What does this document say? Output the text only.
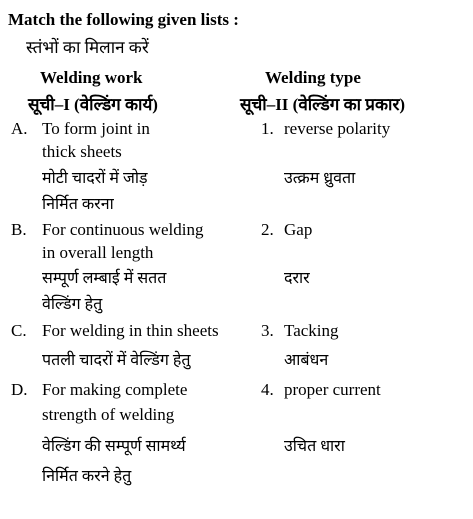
Match the following given lists :
स्तंभों का मिलान करें
Welding work
सूची–I (वेल्डिंग कार्य)
Welding type
सूची–II (वेल्डिंग का प्रकार)
A. To form joint in
thick sheets
मोटी चादरों में जोड़
निर्मित करना
1. reverse polarity
उत्क्रम ध्रुवता
B. For continuous welding
in overall length
सम्पूर्ण लम्बाई में सतत
वेल्डिंग हेतु
2. Gap
दरार
C. For welding in thin sheets
पतली चादरों में वेल्डिंग हेतु
3. Tacking
आबंधन
D. For making complete
strength of welding
वेल्डिंग की सम्पूर्ण सामर्थ्य
निर्मित करने हेतु
4. proper current
उचित धारा
